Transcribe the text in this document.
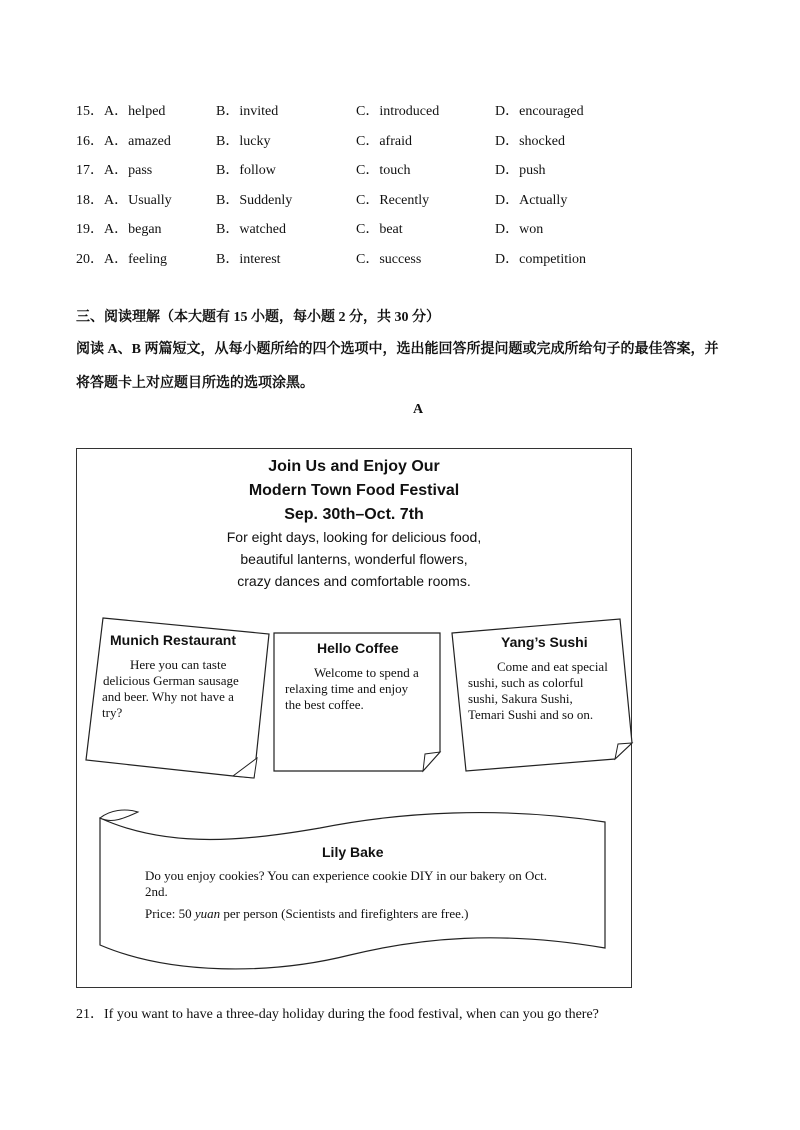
15．A．helped	B．invited	C．introduced	D．encouraged
16．A．amazed	B．lucky	C．afraid	D．shocked
17．A．pass	B．follow	C．touch	D．push
18．A．Usually	B．Suddenly	C．Recently	D．Actually
19．A．began	B．watched	C．beat	D．won
20．A．feeling	B．interest	C．success	D．competition
三、阅读理解（本大题有 15 小题，每小题 2 分，共 30 分）
阅读 A、B 两篇短文，从每小题所给的四个选项中，选出能回答所提问题或完成所给句子的最佳答案，并
将答题卡上对应题目所选的选项涂黑。
A
Join Us and Enjoy Our
Modern Town Food Festival
Sep. 30th–Oct. 7th
For eight days, looking for delicious food,
beautiful lanterns, wonderful flowers,
crazy dances and comfortable rooms.
Munich Restaurant
Here you can taste
delicious German sausage
and beer. Why not have a
try?
Hello Coffee
Welcome to spend a
relaxing time and enjoy
the best coffee.
Yang’s Sushi
Come and eat special
sushi, such as colorful
sushi, Sakura Sushi,
Temari Sushi and so on.
Lily Bake
Do you enjoy cookies? You can experience cookie DIY in our bakery on Oct.
2nd.
Price: 50 yuan per person (Scientists and firefighters are free.)
21．If you want to have a three-day holiday during the food festival, when can you go there?
